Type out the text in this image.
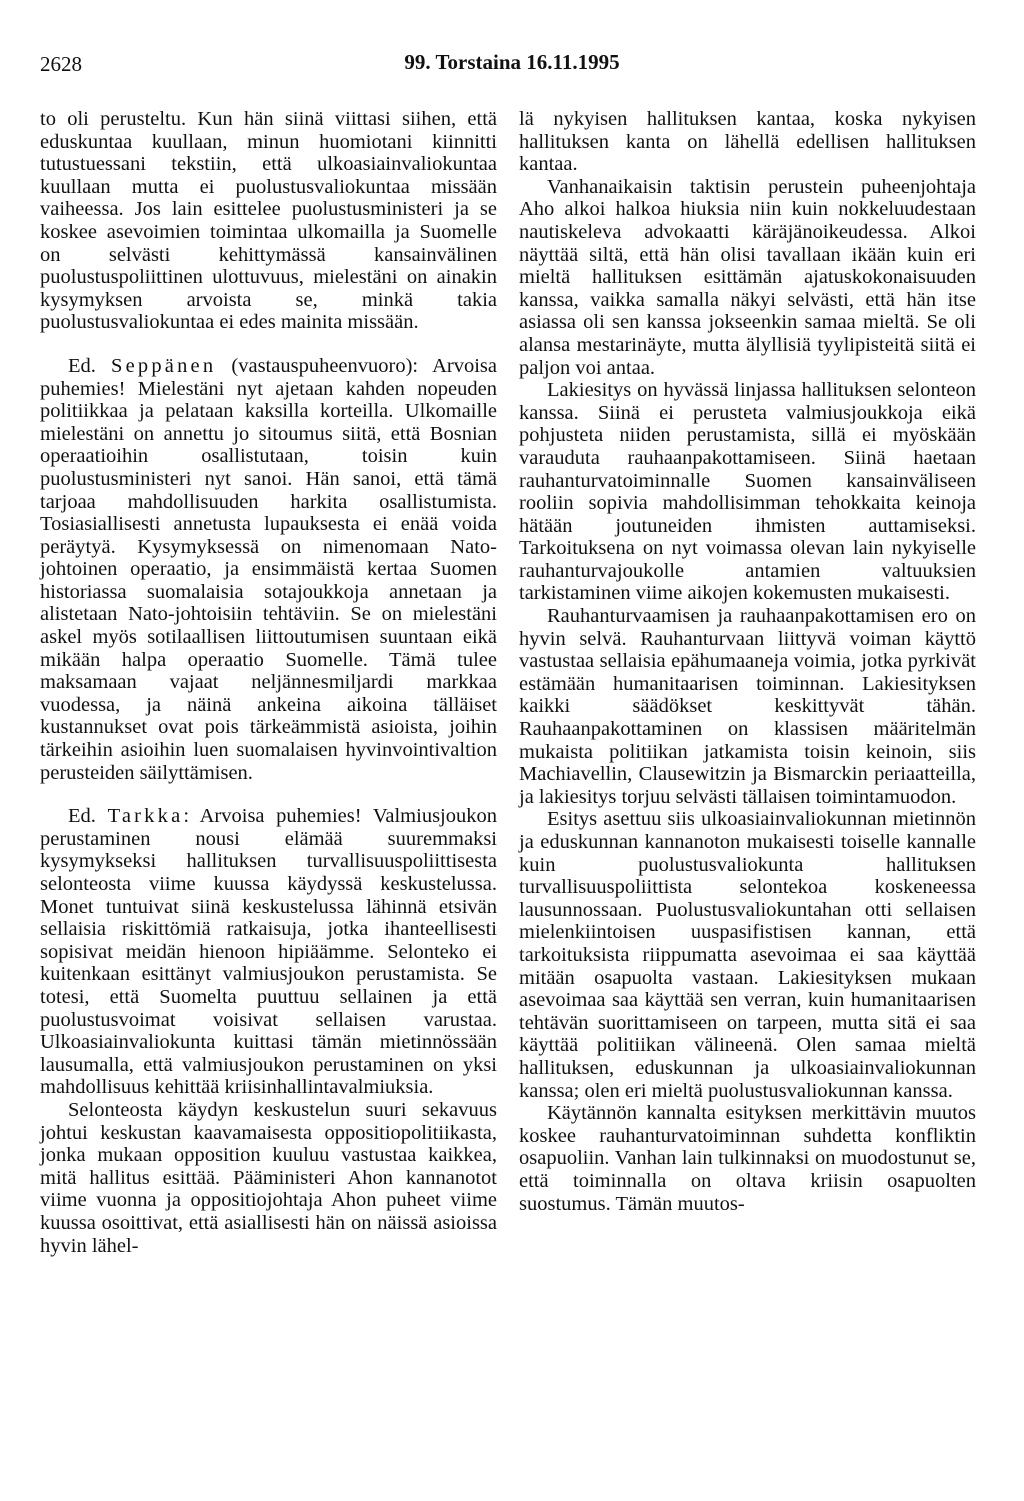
2628	99. Torstaina 16.11.1995

to oli perusteltu. Kun hän siinä viittasi siihen, että eduskuntaa kuullaan, minun huomiotani kiinnitti tutustuessani tekstiin, että ulkoasiainvaliokuntaa kuullaan mutta ei puolustusvaliokuntaa missään vaiheessa. Jos lain esittelee puolustusministeri ja se koskee asevoimien toimintaa ulkomailla ja Suomelle on selvästi kehittymässä kansainvälinen puolustuspoliittinen ulottuvuus, mielestäni on ainakin kysymyksen arvoista se, minkä takia puolustusvaliokuntaa ei edes mainita missään.

Ed. Seppänen (vastauspuheenvuoro): Arvoisa puhemies! Mielestäni nyt ajetaan kahden nopeuden politiikkaa ja pelataan kaksilla korteilla. Ulkomaille mielestäni on annettu jo sitoumus siitä, että Bosnian operaatioihin osallistutaan, toisin kuin puolustusministeri nyt sanoi. Hän sanoi, että tämä tarjoaa mahdollisuuden harkita osallistumista. Tosiasiallisesti annetusta lupauksesta ei enää voida peräytyä. Kysymyksessä on nimenomaan Nato-johtoinen operaatio, ja ensimmäistä kertaa Suomen historiassa suomalaisia sotajoukkoja annetaan ja alistetaan Nato-johtoisiin tehtäviin. Se on mielestäni askel myös sotilaallisen liittoutumisen suuntaan eikä mikään halpa operaatio Suomelle. Tämä tulee maksamaan vajaat neljännesmiljardi markkaa vuodessa, ja näinä ankeina aikoina tälläiset kustannukset ovat pois tärkeämmistä asioista, joihin tärkeihin asioihin luen suomalaisen hyvinvointivaltion perusteiden säilyttämisen.

Ed. Tarkka: Arvoisa puhemies! Valmiusjoukon perustaminen nousi elämää suuremmaksi kysymykseksi hallituksen turvallisuuspoliittisesta selonteosta viime kuussa käydyssä keskustelussa. Monet tuntuivat siinä keskustelussa lähinnä etsivän sellaisia riskittömiä ratkaisuja, jotka ihanteellisesti sopisivat meidän hienoon hipiäämme. Selonteko ei kuitenkaan esittänyt valmiusjoukon perustamista. Se totesi, että Suomelta puuttuu sellainen ja että puolustusvoimat voisivat sellaisen varustaa. Ulkoasiainvaliokunta kuittasi tämän mietinnössään lausumalla, että valmiusjoukon perustaminen on yksi mahdollisuus kehittää kriisinhallintavalmiuksia.

Selonteosta käydyn keskustelun suuri sekavuus johtui keskustan kaavamaisesta oppositiopolitiikasta, jonka mukaan opposition kuuluu vastustaa kaikkea, mitä hallitus esittää. Pääministeri Ahon kannanotot viime vuonna ja oppositiojohtaja Ahon puheet viime kuussa osoittivat, että asiallisesti hän on näissä asioissa hyvin lähel-

lä nykyisen hallituksen kantaa, koska nykyisen hallituksen kanta on lähellä edellisen hallituksen kantaa.

Vanhanaikaisin taktisin perustein puheenjohtaja Aho alkoi halkoa hiuksia niin kuin nokkeluudestaan nautiskeleva advokaatti käräjänoikeudessa. Alkoi näyttää siltä, että hän olisi tavallaan ikään kuin eri mieltä hallituksen esittämän ajatuskokonaisuuden kanssa, vaikka samalla näkyi selvästi, että hän itse asiassa oli sen kanssa jokseenkin samaa mieltä. Se oli alansa mestarinäyte, mutta älyllisiä tyylipisteitä siitä ei paljon voi antaa.

Lakiesitys on hyvässä linjassa hallituksen selonteon kanssa. Siinä ei perusteta valmiusjoukkoja eikä pohjusteta niiden perustamista, sillä ei myöskään varauduta rauhaanpakottamiseen. Siinä haetaan rauhanturvatoiminnalle Suomen kansainväliseen rooliin sopivia mahdollisimman tehokkaita keinoja hätään joutuneiden ihmisten auttamiseksi. Tarkoituksena on nyt voimassa olevan lain nykyiselle rauhanturvajoukolle antamien valtuuksien tarkistaminen viime aikojen kokemusten mukaisesti.

Rauhanturvaamisen ja rauhaanpakottamisen ero on hyvin selvä. Rauhanturvaan liittyvä voiman käyttö vastustaa sellaisia epähumaaneja voimia, jotka pyrkivät estämään humanitaarisen toiminnan. Lakiesityksen kaikki säädökset keskittyvät tähän. Rauhaanpakottaminen on klassisen määritelmän mukaista politiikan jatkamista toisin keinoin, siis Machiavellin, Clausewitzin ja Bismarckin periaatteilla, ja lakiesitys torjuu selvästi tällaisen toimintamuodon.

Esitys asettuu siis ulkoasiainvaliokunnan mietinnön ja eduskunnan kannanoton mukaisesti toiselle kannalle kuin puolustusvaliokunta hallituksen turvallisuuspoliittista selontekoa koskeneessa lausunnossaan. Puolustusvaliokuntahan otti sellaisen mielenkiintoisen uuspasifistisen kannan, että tarkoituksista riippumatta asevoimaa ei saa käyttää mitään osapuolta vastaan. Lakiesityksen mukaan asevoimaa saa käyttää sen verran, kuin humanitaarisen tehtävän suorittamiseen on tarpeen, mutta sitä ei saa käyttää politiikan välineenä. Olen samaa mieltä hallituksen, eduskunnan ja ulkoasiainvaliokunnan kanssa; olen eri mieltä puolustusvaliokunnan kanssa.

Käytännön kannalta esityksen merkittävin muutos koskee rauhanturvatoiminnan suhdetta konfliktin osapuoliin. Vanhan lain tulkinnaksi on muodostunut se, että toiminnalla on oltava kriisin osapuolten suostumus. Tämän muutos-
